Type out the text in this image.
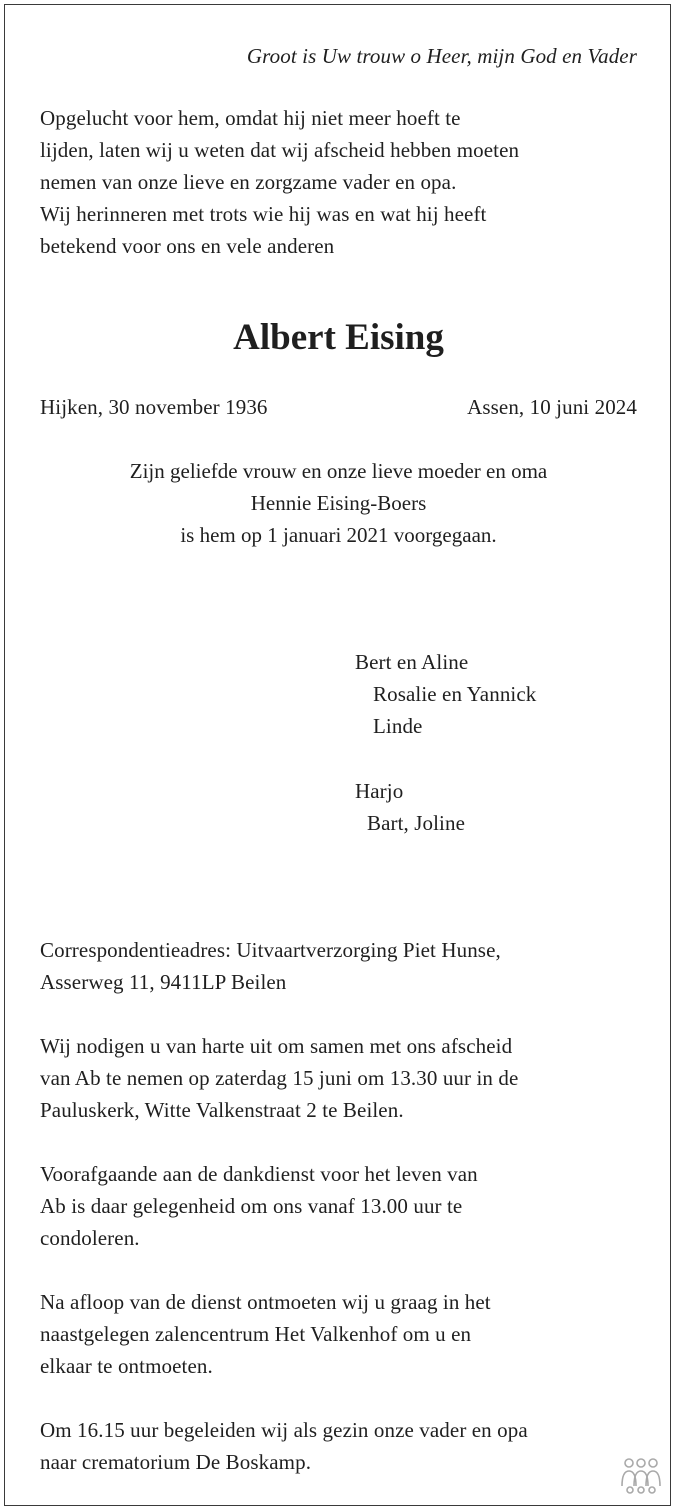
Groot is Uw trouw o Heer, mijn God en Vader
Opgelucht voor hem, omdat hij niet meer hoeft te
lijden, laten wij u weten dat wij afscheid hebben moeten
nemen van onze lieve en zorgzame vader en opa.
Wij herinneren met trots wie hij was en wat hij heeft
betekend voor ons en vele anderen
Albert Eising
Hijken, 30 november 1936	Assen, 10 juni 2024
Zijn geliefde vrouw en onze lieve moeder en oma
Hennie Eising-Boers
is hem op 1 januari 2021 voorgegaan.
Bert en Aline
Rosalie en Yannick
Linde
Harjo
Bart, Joline
Correspondentieadres: Uitvaartverzorging Piet Hunse,
Asserweg 11, 9411LP Beilen
Wij nodigen u van harte uit om samen met ons afscheid
van Ab te nemen op zaterdag 15 juni om 13.30 uur in de
Pauluskerk, Witte Valkenstraat 2 te Beilen.
Voorafgaande aan de dankdienst voor het leven van
Ab is daar gelegenheid om ons vanaf 13.00 uur te
condoleren.
Na afloop van de dienst ontmoeten wij u graag in het
naastgelegen zalencentrum Het Valkenhof om u en
elkaar te ontmoeten.
Om 16.15 uur begeleiden wij als gezin onze vader en opa
naar crematorium De Boskamp.
